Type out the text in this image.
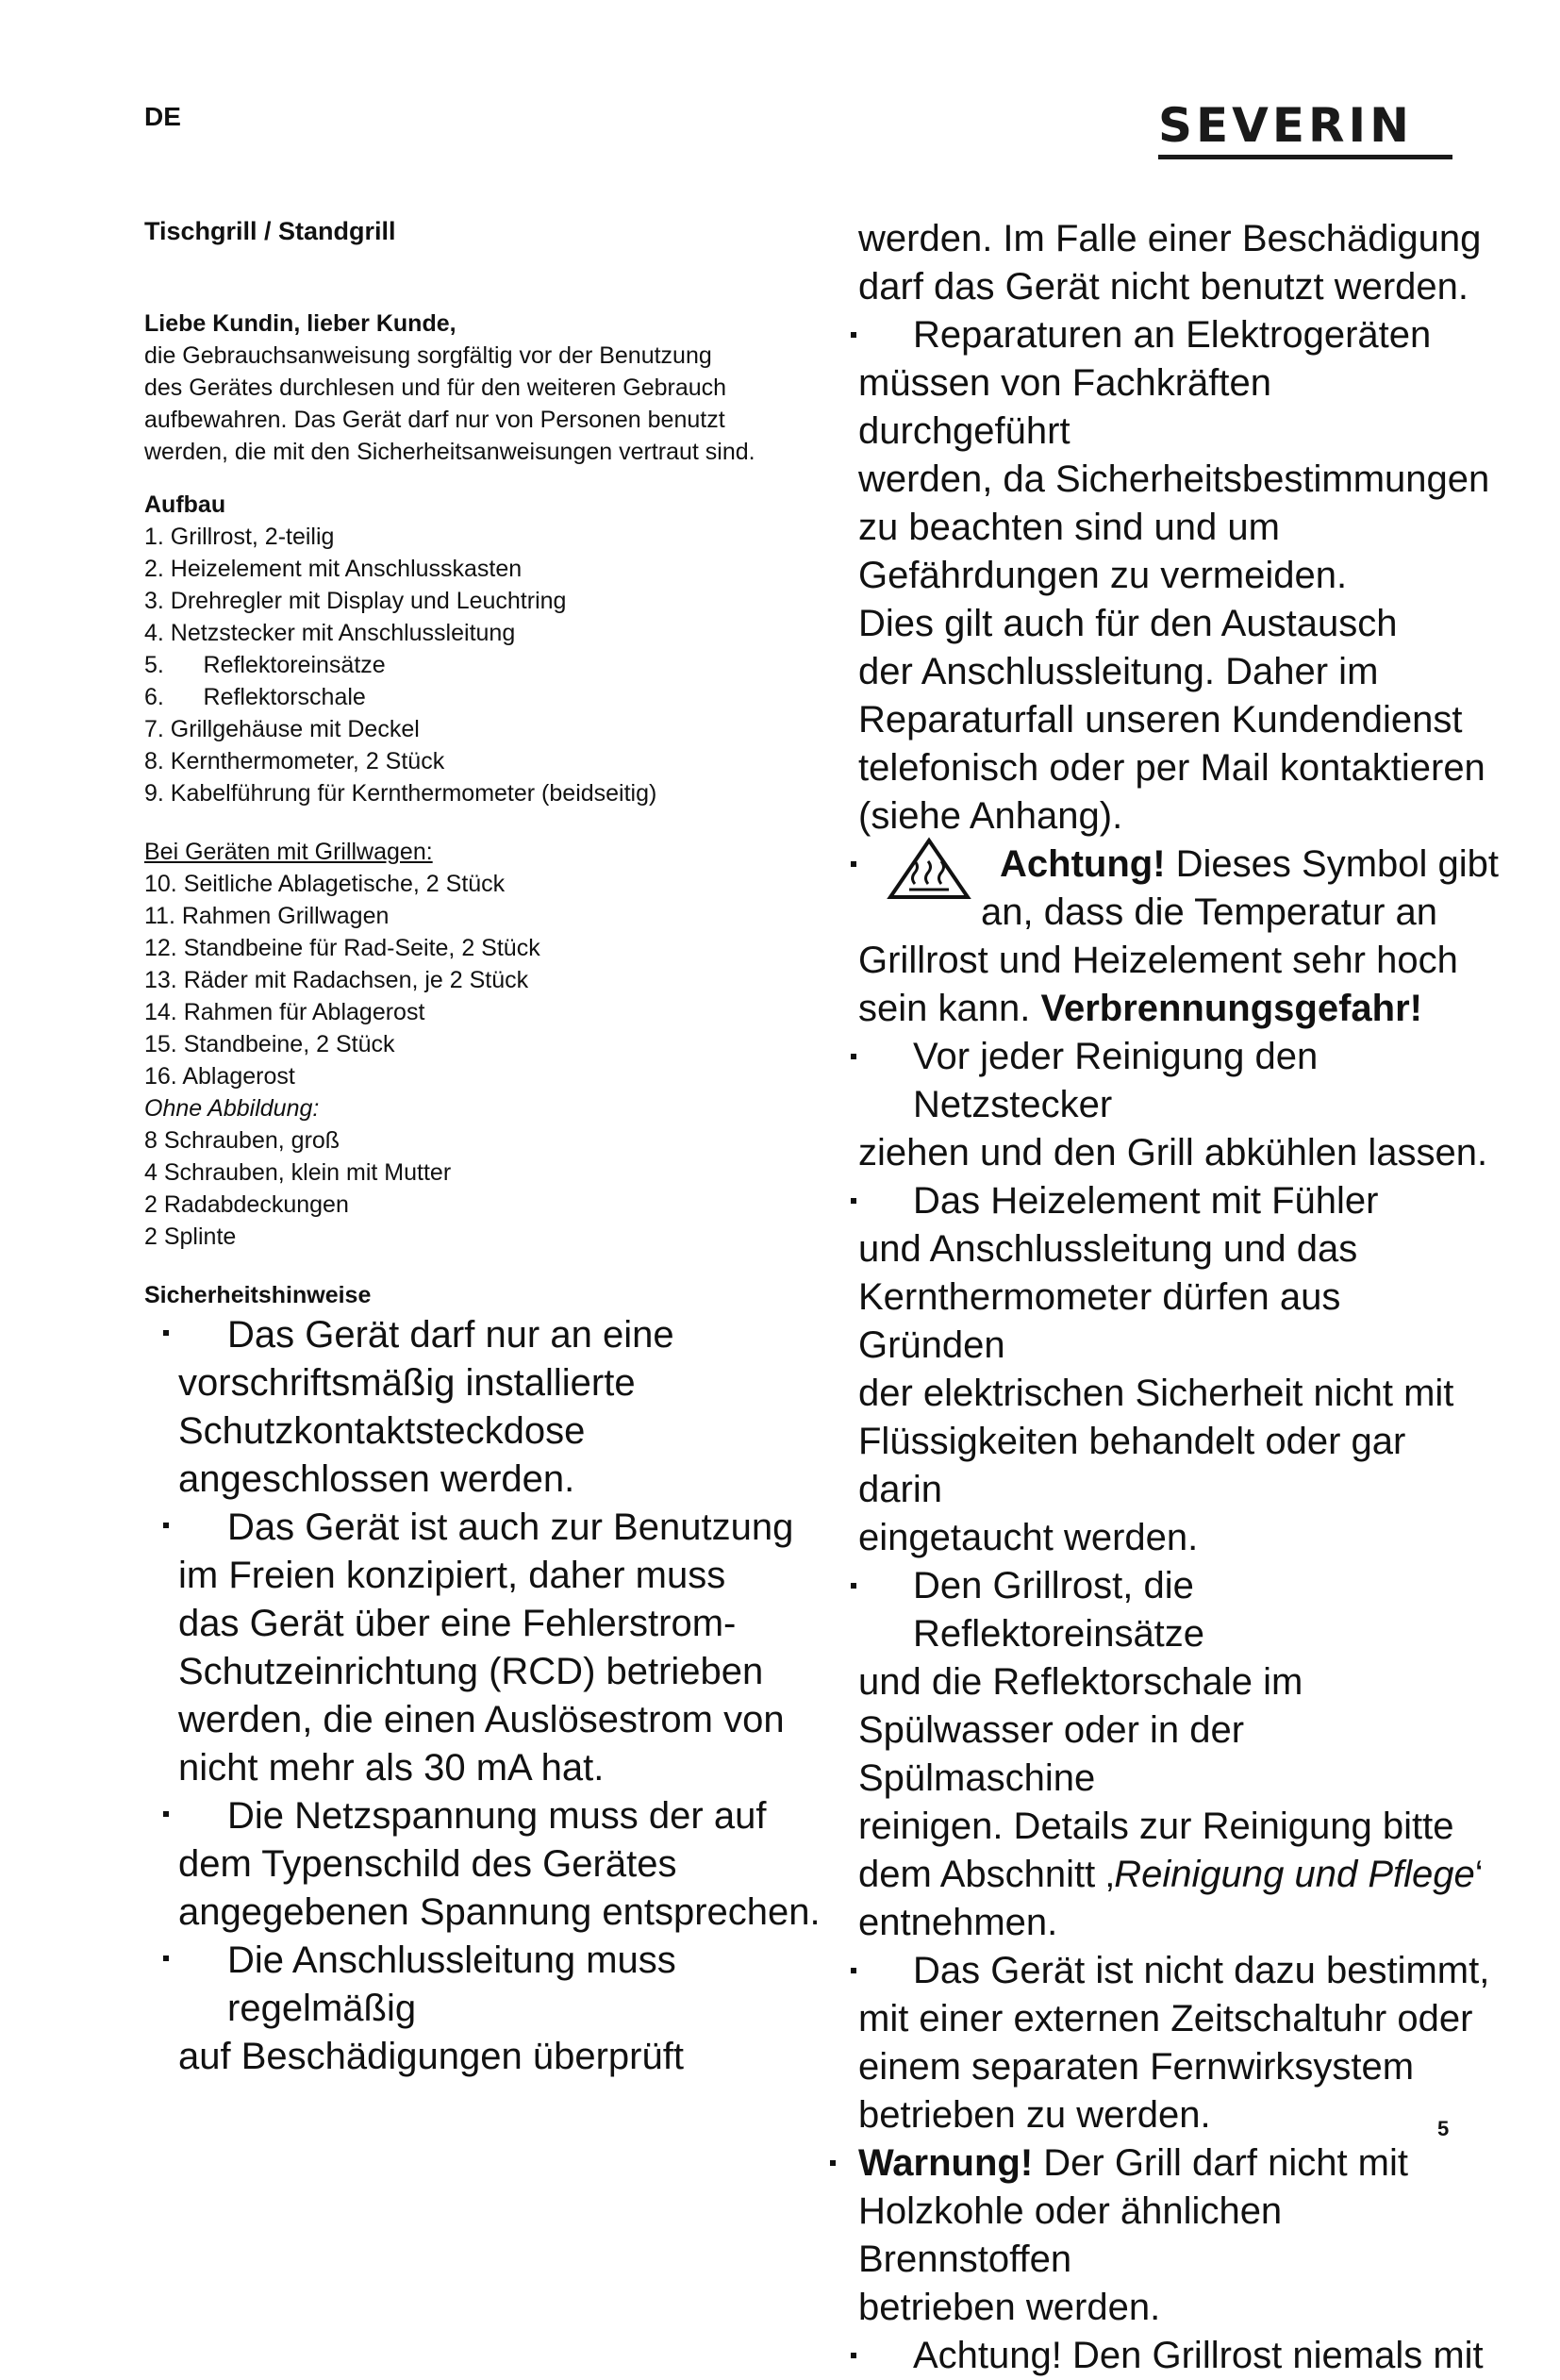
DE	SEVERIN
Tischgrill / Standgrill

Liebe Kundin, lieber Kunde,

die Gebrauchsanweisung sorgfältig vor der Benutzung

des Gerätes durchlesen und für den weiteren Gebrauch

aufbewahren. Das Gerät darf nur von Personen benutzt

werden, die mit den Sicherheitsanweisungen vertraut sind.

Aufbau

1. Grillrost, 2-teilig
2. Heizelement mit Anschlusskasten
3. Drehregler mit Display und Leuchtring
4. Netzstecker mit Anschlussleitung
5.      Reflektoreinsätze
6.      Reflektorschale
7. Grillgehäuse mit Deckel
8. Kernthermometer, 2 Stück
9. Kabelführung für Kernthermometer (beidseitig)

Bei Geräten mit Grillwagen:

10. Seitliche Ablagetische, 2 Stück
11. Rahmen Grillwagen
12. Standbeine für Rad-Seite, 2 Stück
13. Räder mit Radachsen, je 2 Stück
14. Rahmen für Ablagerost
15. Standbeine, 2 Stück
16. Ablagerost

Ohne Abbildung:

8 Schrauben, groß

4 Schrauben, klein mit Mutter

2 Radabdeckungen

2 Splinte

Sicherheitshinweise

Das Gerät darf nur an eine
vorschriftsmäßig installierte
Schutzkontaktsteckdose
angeschlossen werden.
Das Gerät ist auch zur Benutzung
im Freien konzipiert, daher muss
das Gerät über eine Fehlerstrom-
Schutzeinrichtung (RCD) betrieben
werden, die einen Auslösestrom von
nicht mehr als 30 mA hat.
Die Netzspannung muss der auf
dem Typenschild des Gerätes
angegebenen Spannung entsprechen.
Die Anschlussleitung muss regelmäßig
auf Beschädigungen überprüft

werden. Im Falle einer Beschädigung

darf das Gerät nicht benutzt werden.

Reparaturen an Elektrogeräten
müssen von Fachkräften durchgeführt
werden, da Sicherheitsbestimmungen
zu beachten sind und um
Gefährdungen zu vermeiden.
Dies gilt auch für den Austausch
der Anschlussleitung. Daher im
Reparaturfall unseren Kundendienst
telefonisch oder per Mail kontaktieren
(siehe Anhang).
Achtung! Dieses Symbol gibt
an, dass die Temperatur an
Grillrost und Heizelement sehr hoch
sein kann. Verbrennungsgefahr!
Vor jeder Reinigung den Netzstecker
ziehen und den Grill abkühlen lassen.
Das Heizelement mit Fühler
und Anschlussleitung und das
Kernthermometer dürfen aus Gründen
der elektrischen Sicherheit nicht mit
Flüssigkeiten behandelt oder gar darin
eingetaucht werden.
Den Grillrost, die Reflektoreinsätze
und die Reflektorschale im
Spülwasser oder in der Spülmaschine
reinigen. Details zur Reinigung bitte
dem Abschnitt ‚Reinigung und Pflege‘
entnehmen.
Das Gerät ist nicht dazu bestimmt,
mit einer externen Zeitschaltuhr oder
einem separaten Fernwirksystem
betrieben zu werden.
Warnung! Der Grill darf nicht mit
Holzkohle oder ähnlichen Brennstoffen
betrieben werden.
Achtung! Den Grillrost niemals mit
5
